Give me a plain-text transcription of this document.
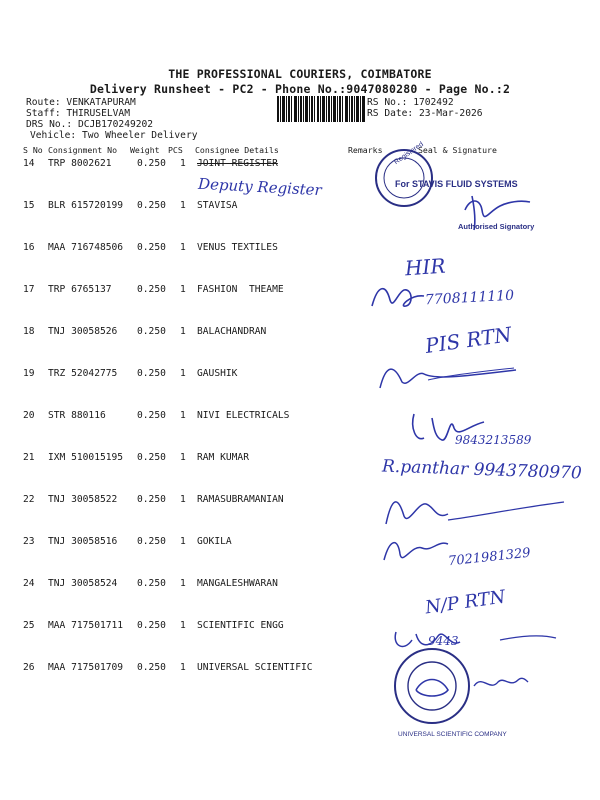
THE PROFESSIONAL COURIERS, COIMBATORE
Delivery Runsheet - PC2 - Phone No.:9047080280 - Page No.:2
Route: VENKATAPURAM
Staff: THIRUSELVAM
DRS No.: DCJB170249202
Vehicle: Two Wheeler Delivery
RS No.: 1702492
RS Date: 23-Mar-2026
S No Consignment No Weight PCS Consignee Details	Remarks	Seal & Signature
14 TRP 8002621	0.250 1 JOINT REGISTER
15 BLR 615720199 0.250 1 STAVISA
16 MAA 716748506 0.250 1 VENUS TEXTILES
17 TRP 6765137	0.250 1 FASHION  THEAME
18 TNJ 30058526 0.250 1 BALACHANDRAN
19 TRZ 52042775 0.250 1 GAUSHIK
20 STR 880116	0.250 1 NIVI ELECTRICALS
21 IXM 510015195 0.250 1 RAM KUMAR
22 TNJ 30058522 0.250 1 RAMASUBRAMANIAN
23 TNJ 30058516 0.250 1 GOKILA
24 TNJ 30058524 0.250 1 MANGALESHWARAN
25 MAA 717501711 0.250 1 SCIENTIFIC ENGG
26 MAA 717501709 0.250 1 UNIVERSAL SCIENTIFIC
Registered
For STAVIS FLUID SYSTEMS
Authorised Signatory
UNIVERSAL SCIENTIFIC COMPANY
Deputy Register
HIR
7708111110
PIS RTN
9843213589
R.panthar 9943780970
7021981329
N/P RTN
9443
